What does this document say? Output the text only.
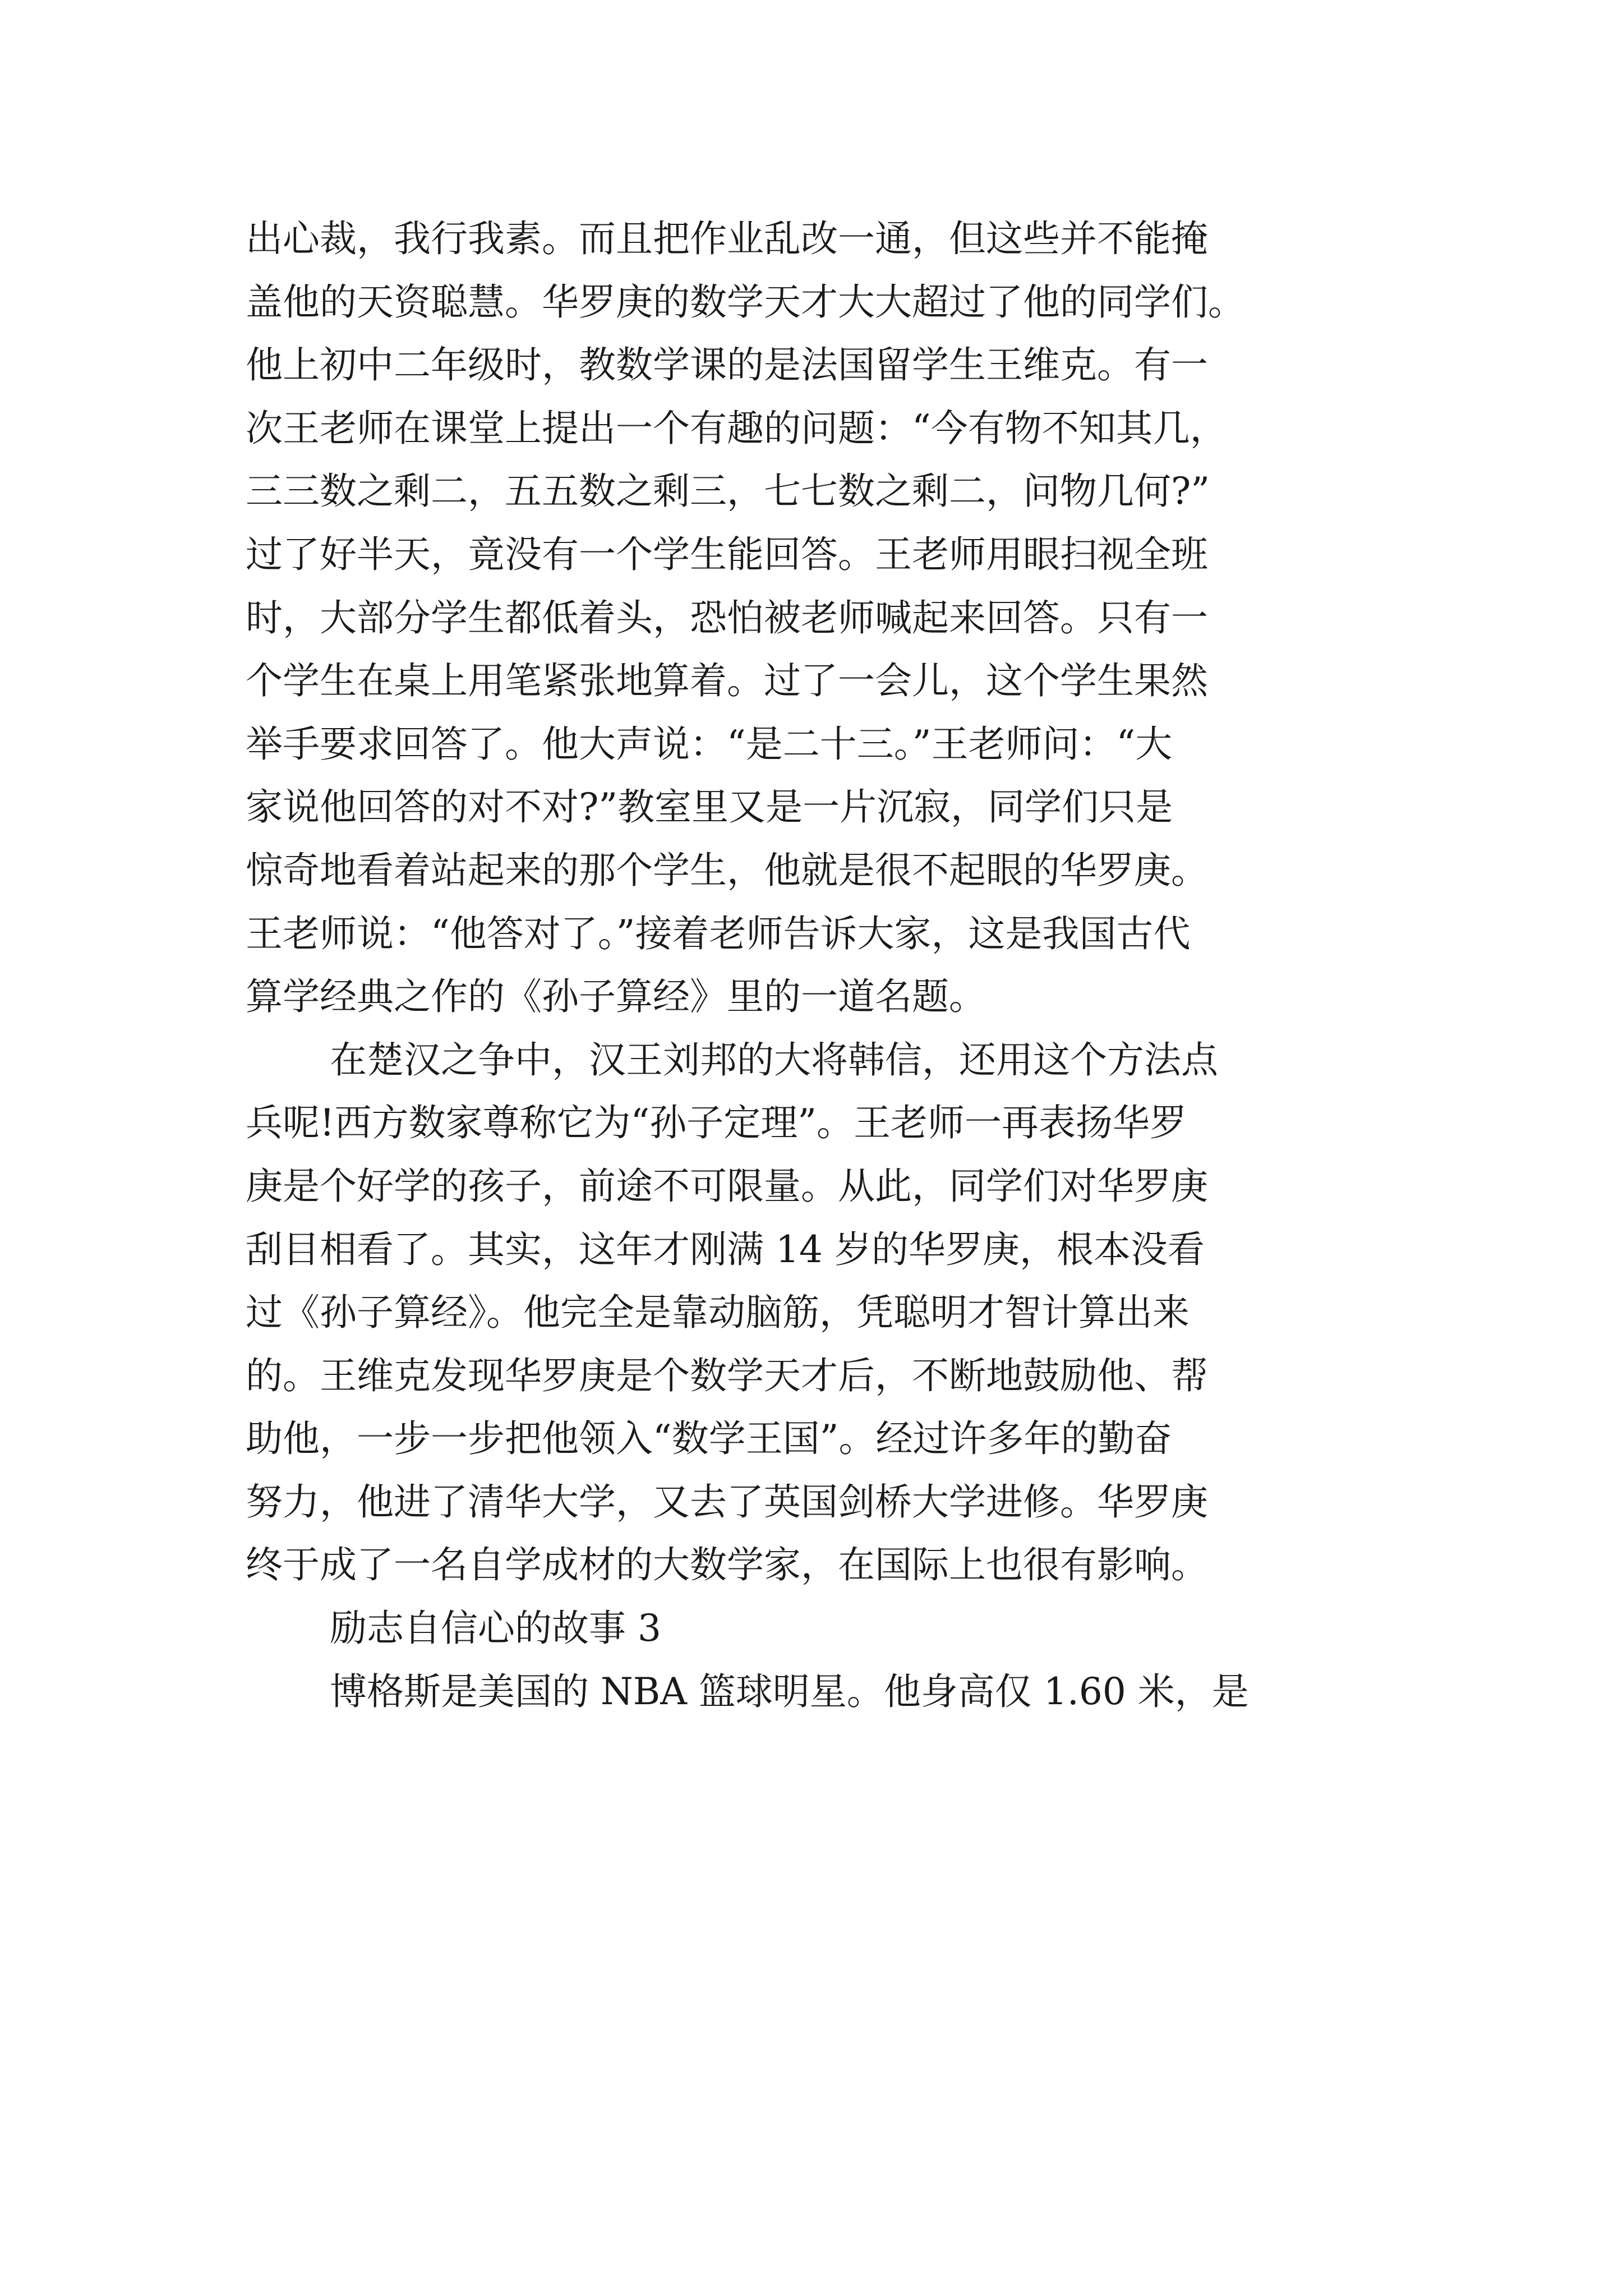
出心裁，我行我素。而且把作业乱改一通，但这些并不能掩
盖他的天资聪慧。华罗庚的数学天才大大超过了他的同学们。
他上初中二年级时，教数学课的是法国留学生王维克。有一
次王老师在课堂上提出一个有趣的问题：“今有物不知其几，
三三数之剩二，五五数之剩三，七七数之剩二，问物几何?”
过了好半天，竟没有一个学生能回答。王老师用眼扫视全班
时，大部分学生都低着头，恐怕被老师喊起来回答。只有一
个学生在桌上用笔紧张地算着。过了一会儿，这个学生果然
举手要求回答了。他大声说：“是二十三。”王老师问：“大
家说他回答的对不对?”教室里又是一片沉寂，同学们只是
惊奇地看着站起来的那个学生，他就是很不起眼的华罗庚。
王老师说：“他答对了。”接着老师告诉大家，这是我国古代
算学经典之作的《孙子算经》里的一道名题。
在楚汉之争中，汉王刘邦的大将韩信，还用这个方法点
兵呢!西方数家尊称它为“孙子定理”。王老师一再表扬华罗
庚是个好学的孩子，前途不可限量。从此，同学们对华罗庚
刮目相看了。其实，这年才刚满 14 岁的华罗庚，根本没看
过《孙子算经》。他完全是靠动脑筋，凭聪明才智计算出来
的。王维克发现华罗庚是个数学天才后，不断地鼓励他、帮
助他，一步一步把他领入“数学王国”。经过许多年的勤奋
努力，他进了清华大学，又去了英国剑桥大学进修。华罗庚
终于成了一名自学成材的大数学家，在国际上也很有影响。
励志自信心的故事 3
博格斯是美国的 NBA 篮球明星。他身高仅 1.60 米，是
